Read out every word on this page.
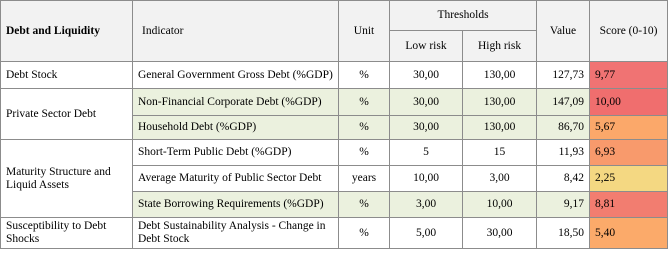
Debt and Liquidity	Indicator	Unit	Thresholds		Value	Score (0-10)
			Low risk	High risk		
Debt Stock	General Government Gross Debt (%GDP)	%	30,00	130,00	127,73	9,77
Private Sector Debt	Non-Financial Corporate Debt (%GDP)	%	30,00	130,00	147,09	10,00
	Household Debt (%GDP)	%	30,00	130,00	86,70	5,67
Maturity Structure and Liquid Assets	Short-Term Public Debt (%GDP)	%	5	15	11,93	6,93
	Average Maturity of Public Sector Debt	years	10,00	3,00	8,42	2,25
	State Borrowing Requirements (%GDP)	%	3,00	10,00	9,17	8,81
Susceptibility to Debt Shocks	Debt Sustainability Analysis - Change in Debt Stock	%	5,00	30,00	18,50	5,40
